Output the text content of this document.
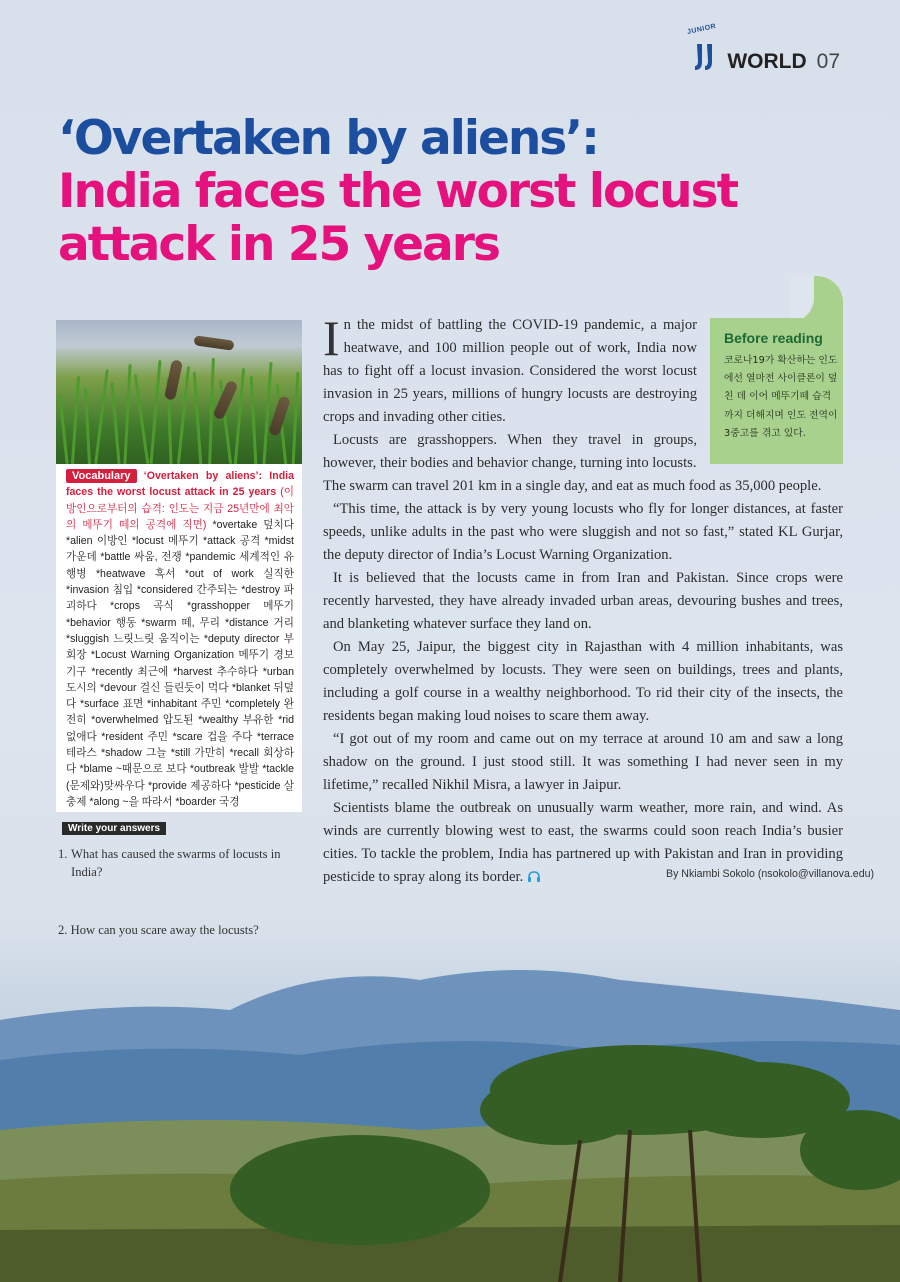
JUNIOR
WORLD 07
‘Overtaken by aliens’:
India faces the worst locust
attack in 25 years
Vocabulary ‘Overtaken by aliens’: India faces the worst locust attack in 25 years (이방인으로부터의 습격: 인도는 지금 25년만에 최악의 메뚜기 떼의 공격에 직면) *overtake 덮치다 *alien 이방인 *locust 메뚜기 *attack 공격 *midst 가운데 *battle 싸움, 전쟁 *pandemic 세계적인 유행병 *heatwave 혹서 *out of work 실직한 *invasion 침입 *considered 간주되는 *destroy 파괴하다 *crops 곡식 *grasshopper 메뚜기 *behavior 행동 *swarm 떼, 무리 *distance 거리 *sluggish 느릿느릿 움직이는 *deputy director 부회장 *Locust Warning Organization 메뚜기 경보기구 *recently 최근에 *harvest 추수하다 *urban 도시의 *devour 걸신 들린듯이 먹다 *blanket 뒤덮다 *surface 표면 *inhabitant 주민 *completely 완전히 *overwhelmed 압도된 *wealthy 부유한 *rid 없애다 *resident 주민 *scare 겁을 주다 *terrace 테라스 *shadow 그늘 *still 가만히 *recall 회상하다 *blame ~때문으로 보다 *outbreak 발발 *tackle (문제와)맞싸우다 *provide 제공하다 *pesticide 살충제 *along ~을 따라서 *boarder 국경
Write your answers
1. What has caused the swarms of locusts in
India?
2. How can you scare away the locusts?
Before reading
코로나19가 확산하는 인도에선 열마전 사이클론이 덮친 데 이어 메뚜기떼 습격까지 더해지며 인도 전역이 3중고를 겪고 있다.

In the midst of battling the COVID-19 pandemic, a major heatwave, and 100 million people out of work, India now has to fight off a locust invasion. Considered the worst locust invasion in 25 years, millions of hungry locusts are destroying crops and invading other cities.

Locusts are grasshoppers. When they travel in groups, however, their bodies and behavior change, turning into locusts.

The swarm can travel 201 km in a single day, and eat as much food as 35,000 people.

“This time, the attack is by very young locusts who fly for longer distances, at faster speeds, unlike adults in the past who were sluggish and not so fast,” stated KL Gurjar, the deputy director of India’s Locust Warning Organization.

It is believed that the locusts came in from Iran and Pakistan. Since crops were recently harvested, they have already invaded urban areas, devouring bushes and trees, and blanketing whatever surface they land on.

On May 25, Jaipur, the biggest city in Rajasthan with 4 million inhabitants, was completely overwhelmed by locusts. They were seen on buildings, trees and plants, including a golf course in a wealthy neighborhood. To rid their city of the insects, the residents began making loud noises to scare them away.

“I got out of my room and came out on my terrace at around 10 am and saw a long shadow on the ground. I just stood still. It was something I had never seen in my lifetime,” recalled Nikhil Misra, a lawyer in Jaipur.

Scientists blame the outbreak on unusually warm weather, more rain, and wind. As winds are currently blowing west to east, the swarms could soon reach India’s busier cities. To tackle the problem, India has partnered up with Pakistan and Iran in providing pesticide to spray along its border.	By Nkiambi Sokolo (nsokolo@villanova.edu)
